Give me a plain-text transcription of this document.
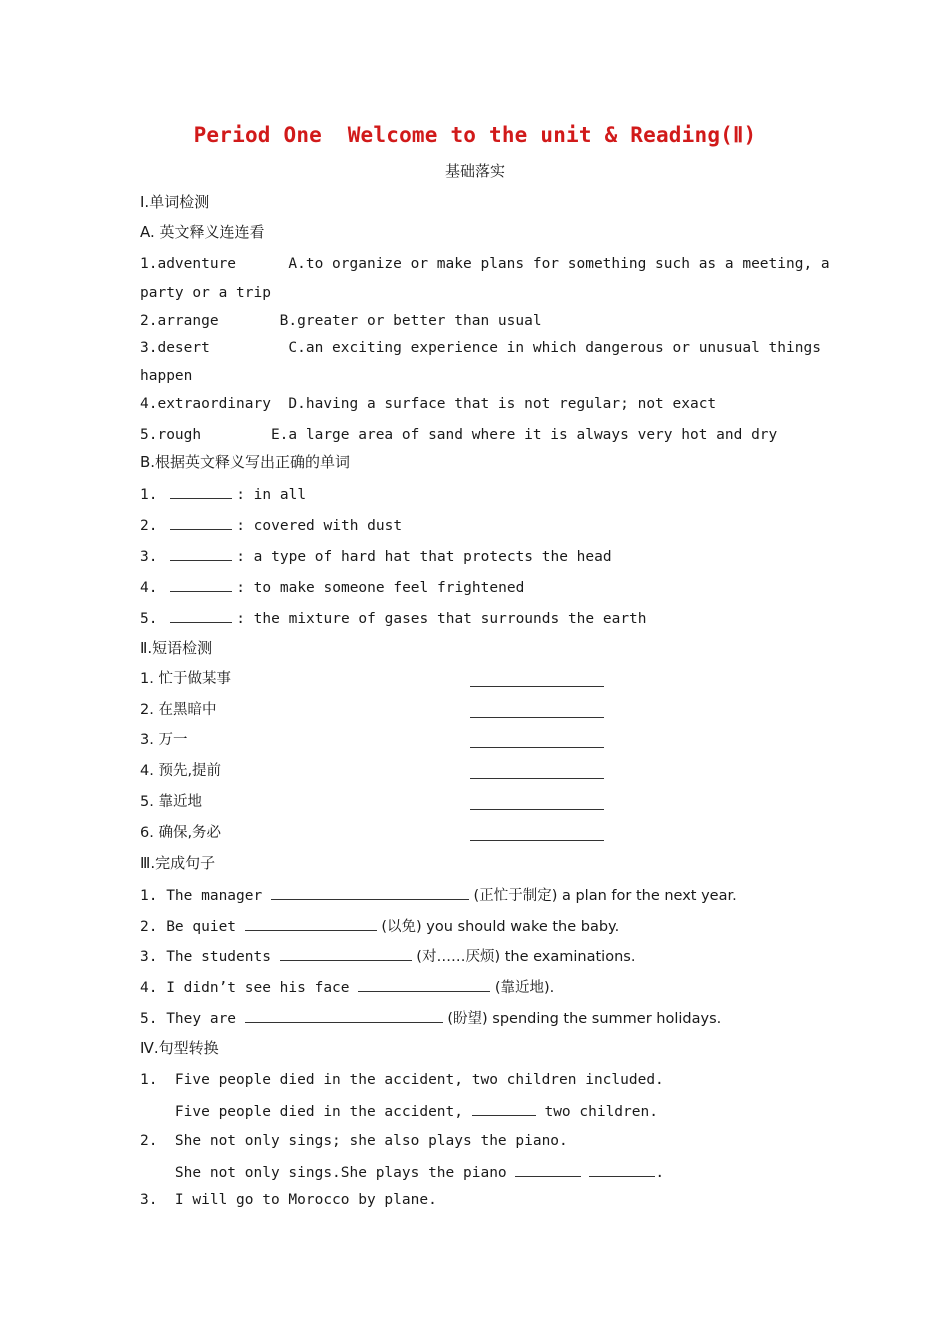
Period One  Welcome to the unit & Reading(Ⅱ)
基础落实
Ⅰ.单词检测
A. 英文释义连连看
1.adventure      A.to organize or make plans for something such as a meeting, a
party or a trip
2.arrange       B.greater or better than usual
3.desert         C.an exciting experience in which dangerous or unusual things
happen
4.extraordinary  D.having a surface that is not regular; not exact
5.rough        E.a large area of sand where it is always very hot and dry
B.根据英文释义写出正确的单词
1.	: in all
2.	: covered with dust
3.	: a type of hard hat that protects the head
4.	: to make someone feel frightened
5.	: the mixture of gases that surrounds the earth
Ⅱ.短语检测
1. 忙于做某事
2. 在黑暗中
3. 万一
4. 预先,提前
5. 靠近地
6. 确保,务必
Ⅲ.完成句子
1. The manager	(正忙于制定) a plan for the next year.
2. Be quiet	(以免) you should wake the baby.
3. The students	(对……厌烦) the examinations.
4. I didn’t see his face	(靠近地).
5. They are	(盼望) spending the summer holidays.
Ⅳ.句型转换
1.  Five people died in the accident, two children included.
Five people died in the accident,	two children.
2.  She not only sings; she also plays the piano.
She not only sings.She plays the piano	.
3.  I will go to Morocco by plane.
